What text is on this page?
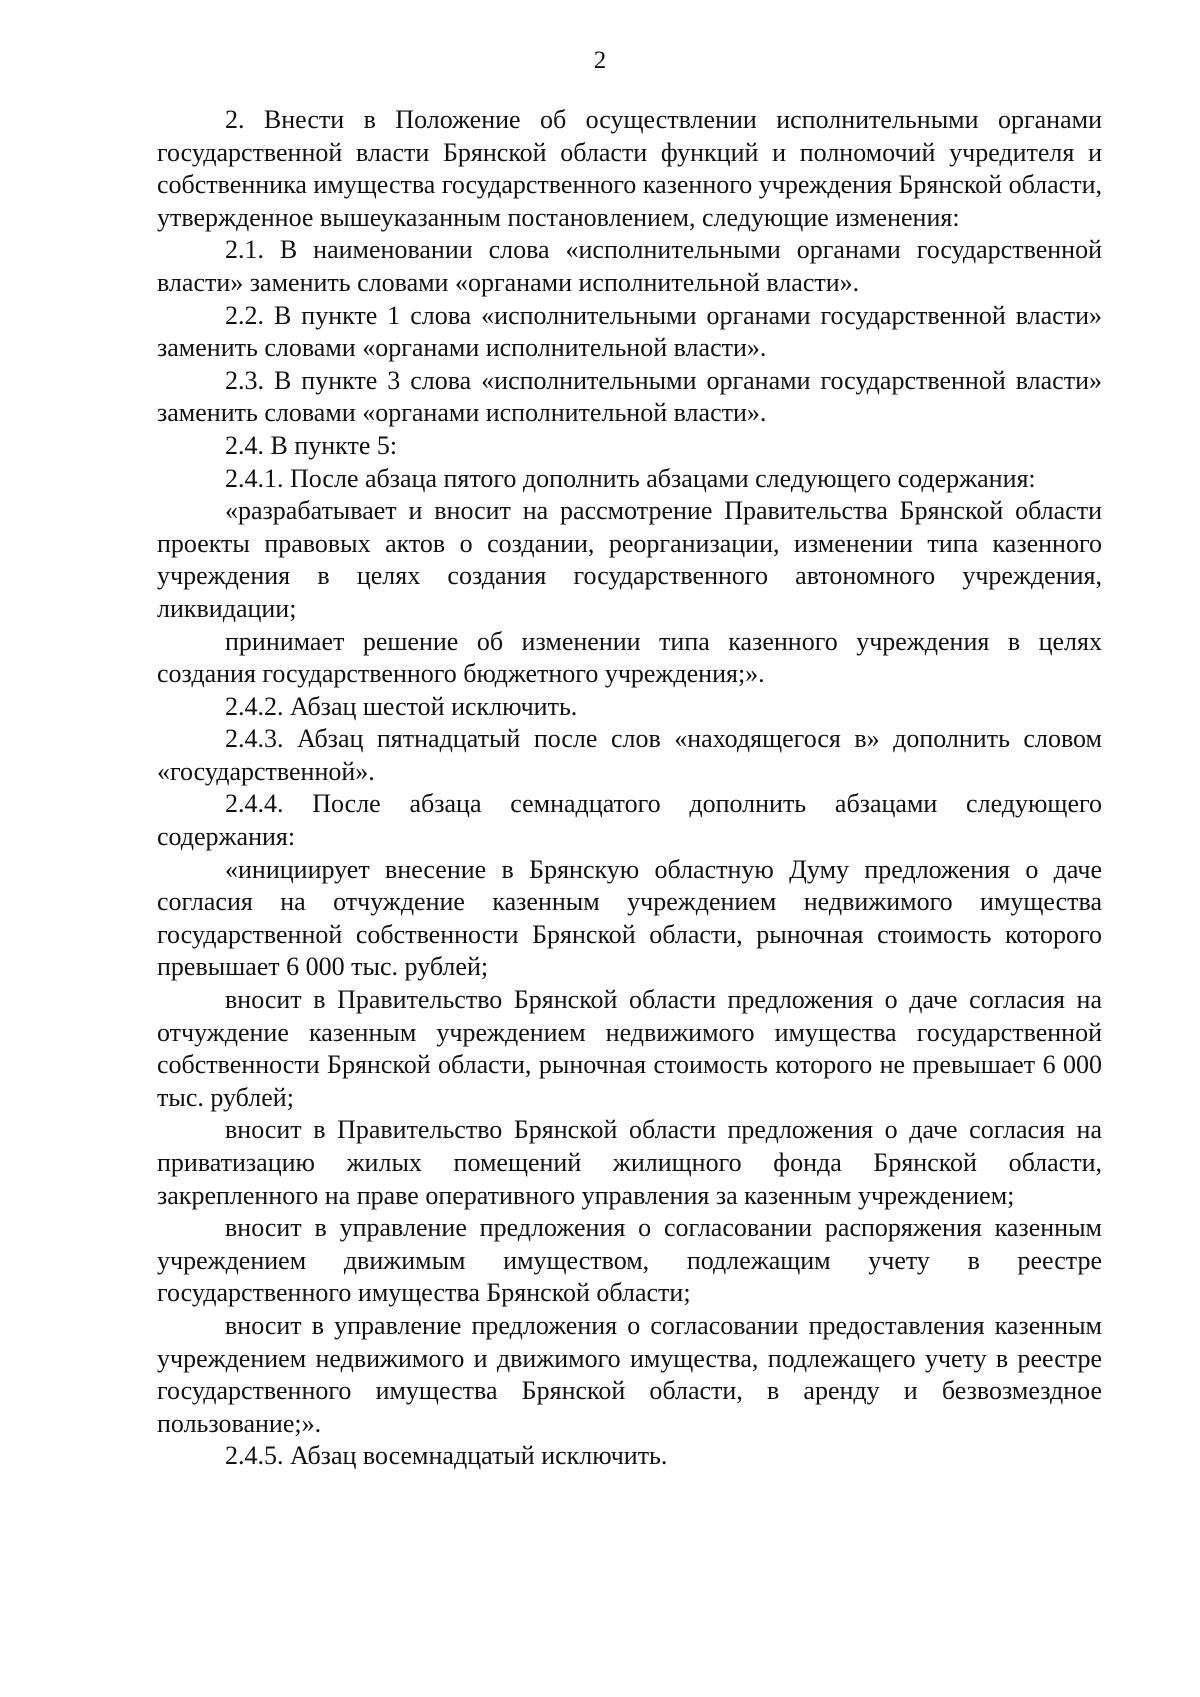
2

2. Внести в Положение об осуществлении исполнительными органами государственной власти Брянской области функций и полномочий учредителя и собственника имущества государственного казенного учреждения Брянской области, утвержденное вышеуказанным постановлением, следующие изменения:

2.1. В наименовании слова «исполнительными органами государственной власти» заменить словами «органами исполнительной власти».

2.2. В пункте 1 слова «исполнительными органами государственной власти» заменить словами «органами исполнительной власти».

2.3. В пункте 3 слова «исполнительными органами государственной власти» заменить словами «органами исполнительной власти».

2.4. В пункте 5:

2.4.1. После абзаца пятого дополнить абзацами следующего содержания:

«разрабатывает и вносит на рассмотрение Правительства Брянской области проекты правовых актов о создании, реорганизации, изменении типа казенного учреждения в целях создания государственного автономного учреждения, ликвидации;

принимает решение об изменении типа казенного учреждения в целях создания государственного бюджетного учреждения;».

2.4.2. Абзац шестой исключить.

2.4.3. Абзац пятнадцатый после слов «находящегося в» дополнить словом «государственной».

2.4.4. После абзаца семнадцатого дополнить абзацами следующего содержания:

«инициирует внесение в Брянскую областную Думу предложения о даче согласия на отчуждение казенным учреждением недвижимого имущества государственной собственности Брянской области, рыночная стоимость которого превышает 6 000 тыс. рублей;

вносит в Правительство Брянской области предложения о даче согласия на отчуждение казенным учреждением недвижимого имущества государственной собственности Брянской области, рыночная стоимость которого не превышает 6 000 тыс. рублей;

вносит в Правительство Брянской области предложения о даче согласия на приватизацию жилых помещений жилищного фонда Брянской области, закрепленного на праве оперативного управления за казенным учреждением;

вносит в управление предложения о согласовании распоряжения казенным учреждением движимым имуществом, подлежащим учету в реестре государственного имущества Брянской области;

вносит в управление предложения о согласовании предоставления казенным учреждением недвижимого и движимого имущества, подлежащего учету в реестре государственного имущества Брянской области, в аренду и безвозмездное пользование;».

2.4.5. Абзац восемнадцатый исключить.
